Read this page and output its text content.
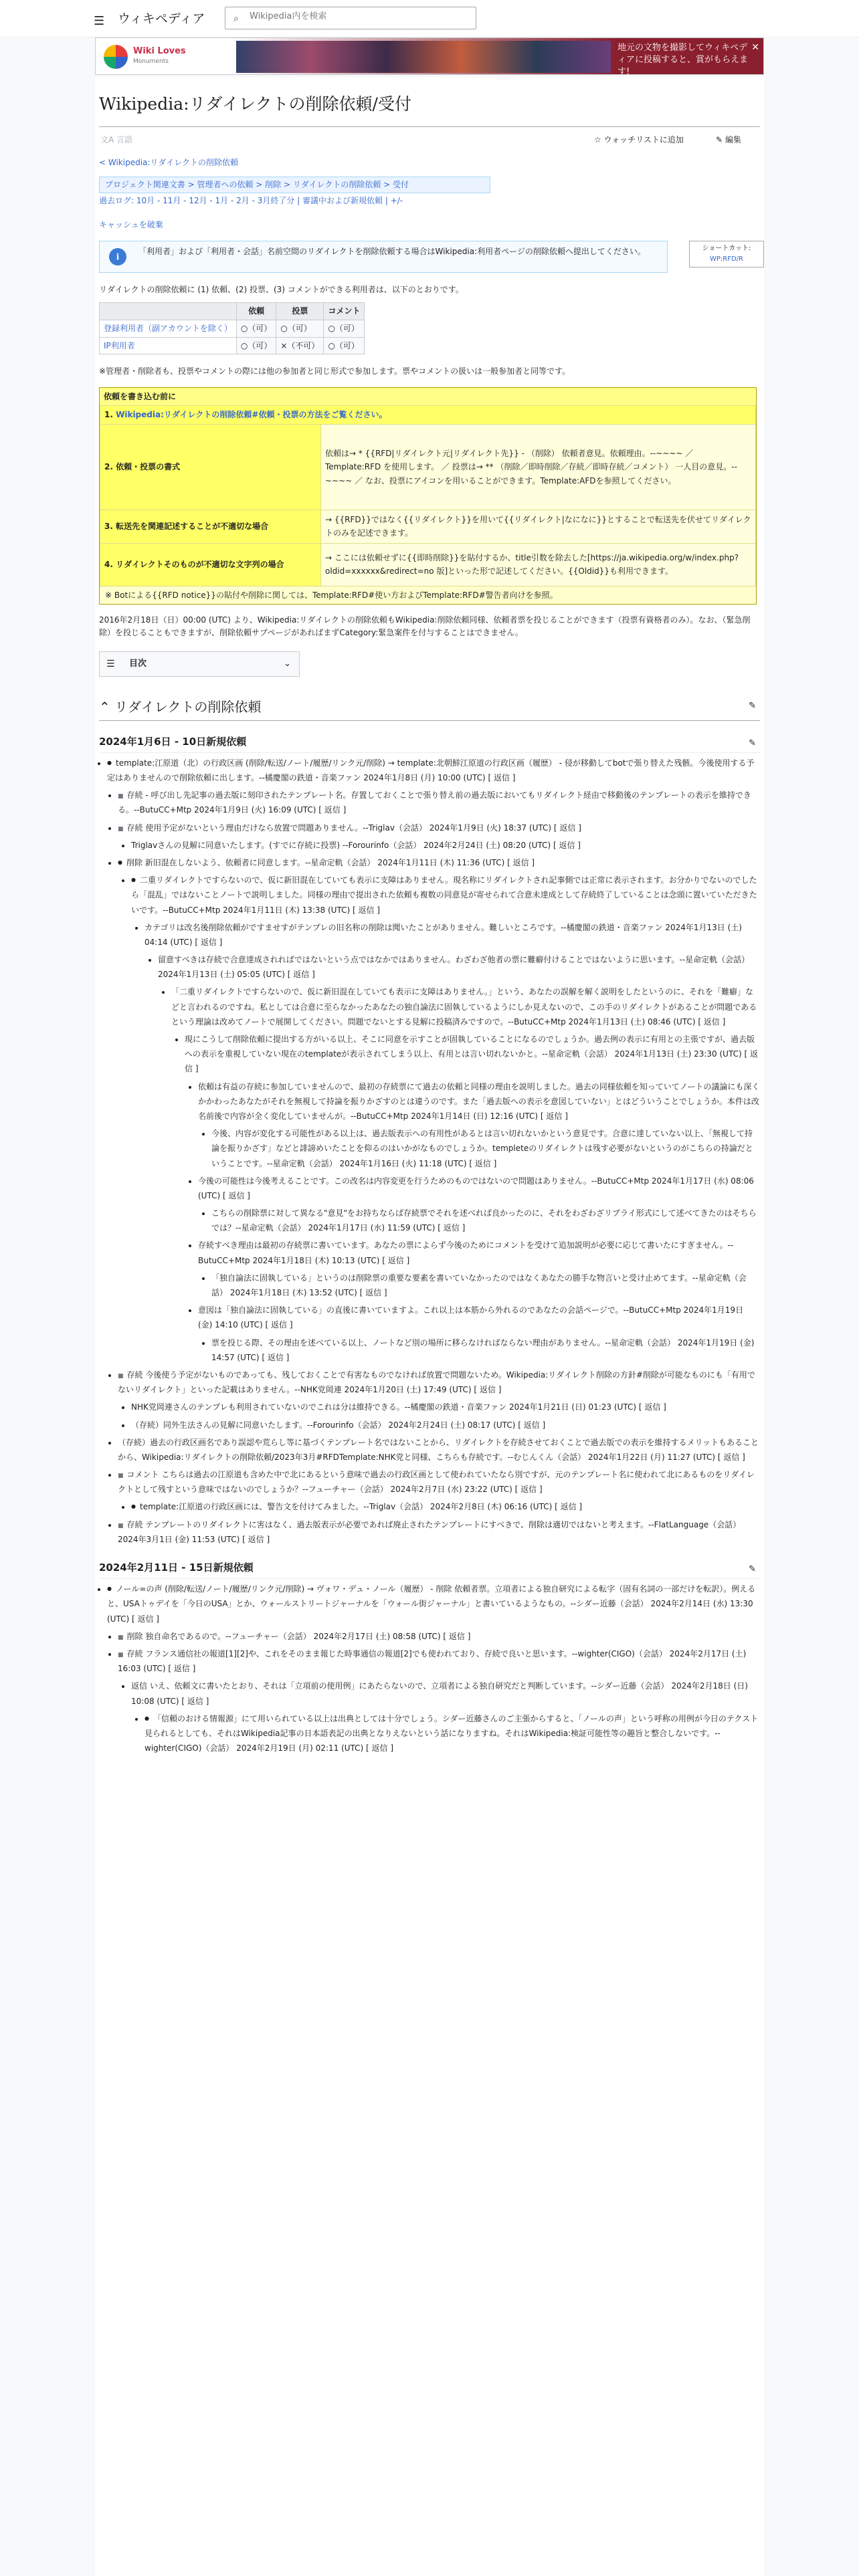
☰ ウィキペディア	⌕
Wikipedia内を検索
Wiki Loves
Monuments
地元の文物を撮影してウィキペディアに投稿すると、賞がもらえます!
✕
Wikipedia:リダイレクトの削除依頼/受付
文A 言語	☆ ウォッチリストに追加	✎ 編集
< Wikipedia:リダイレクトの削除依頼
プロジェクト関連文書 > 管理者への依頼 > 削除 > リダイレクトの削除依頼 > 受付
過去ログ: 10月 - 11月 - 12月 - 1月 - 2月 - 3月終了分 | 審議中および新規依頼 | +/-
キャッシュを破棄
i
「利用者」および「利用者・会話」名前空間のリダイレクトを削除依頼する場合はWikipedia:利用者ページの削除依頼へ提出してください。	ショートカット:
WP:RFD/R

リダイレクトの削除依頼に (1) 依頼、(2) 投票、(3) コメントができる利用者は、以下のとおりです。

	依頼	投票	コメント
登録利用者（副アカウントを除く）	○（可）	○（可）	○（可）
IP利用者	○（可）	×（不可）	○（可）

※管理者・削除者も、投票やコメントの際には他の参加者と同じ形式で参加します。票やコメントの扱いは一般参加者と同等です。

依頼を書き込む前に
1. Wikipedia:リダイレクトの削除依頼#依頼・投票の方法をご覧ください。	
2. 依頼・投票の書式	依頼は→ * {{RFD|リダイレクト元|リダイレクト先}} - （削除） 依頼者意見。依頼理由。--~~~~ ／ Template:RFD を使用します。 ／ 投票は→ ** （削除／即時削除／存続／即時存続／コメント） 一人目の意見。--~~~~ ／ なお、投票にアイコンを用いることができます。Template:AFDを参照してください。
3. 転送先を関連記述することが不適切な場合	→ {{RFD}}ではなく{{リダイレクト}}を用いて{{リダイレクト|なになに}}とすることで転送先を伏せてリダイレクトのみを記述できます。
4. リダイレクトそのものが不適切な文字列の場合	→ ここには依頼せずに{{即時削除}}を貼付するか、title引数を除去した[https://ja.wikipedia.org/w/index.php?oldid=xxxxxx&redirect=no 版]といった形で記述してください。{{Oldid}}も利用できます。
※ Botによる{{RFD notice}}の貼付や削除に関しては、Template:RFD#使い方およびTemplate:RFD#警告者向けを参照。

2016年2月18日（日）00:00 (UTC) より、Wikipedia:リダイレクトの削除依頼もWikipedia:削除依頼同様、依頼者票を投じることができます（投票有資格者のみ）。なお、（緊急削除）を投じることもできますが、削除依頼サブページがあればまずCategory:緊急案件を付与することはできません。

☰ 目次	⌄
⌃ リダイレクトの削除依頼	✎
2024年1月6日 - 10日新規依頼	✎
● • template:江原道（北）の行政区画 (削除/転送/ノート/履歴/リンク元/削除) → template:北朝鮮江原道の行政区画（履歴） - 侵が移動してbotで張り替えた残骸。今後使用する予定はありませんので削除依頼に出します。--橘慶閣の鉄道・音楽ファン 2024年1月8日 (月) 10:00 (UTC) [ 返信 ]
■ • 存続 - 呼び出し先記事の過去版に刻印されたテンプレート名。存置しておくことで張り替え前の過去版においてもリダイレクト経由で移動後のテンプレートの表示を維持できる。--ButuCC+Mtp 2024年1月9日 (火) 16:09 (UTC) [ 返信 ]
■ • 存続 使用予定がないという理由だけなら放置で問題ありません。--Triglav（会話） 2024年1月9日 (火) 18:37 (UTC) [ 返信 ]
• Triglavさんの見解に同意いたします。(すでに存続に投票) --Forourinfo（会話） 2024年2月24日 (土) 08:20 (UTC) [ 返信 ]
● • 削除 新旧混在しないよう、依頼者に同意します。--星命定軌（会話） 2024年1月11日 (木) 11:36 (UTC) [ 返信 ]
● • 二重リダイレクトですらないので、仮に新旧混在していても表示に支障はありません。現名称にリダイレクトされ記事側では正常に表示されます。お分かりでないのでしたら「混乱」ではないことノートで説明しました。同様の理由で提出された依頼も複数の同意見が寄せられて合意未達成として存続終了していることは念頭に置いていただきたいです。--ButuCC+Mtp 2024年1月11日 (木) 13:38 (UTC) [ 返信 ]
• カテゴリは改名後削除依頼がですませすがテンプレの旧名称の削除は聞いたことがありません。難しいところです。--橘慶閣の鉄道・音楽ファン 2024年1月13日 (土) 04:14 (UTC) [ 返信 ]
• 留意すべきは存続で合意達成されればではないという点ではなかではありません。わざわざ他者の票に難癖付けることではないように思います。--星命定軌（会話） 2024年1月13日 (土) 05:05 (UTC) [ 返信 ]
• 「二重リダイレクトですらないので、仮に新旧混在していても表示に支障はありません。」という、あなたの誤解を解く説明をしたというのに、それを「難癖」などと言われるのですね。私としては合意に至らなかったあなたの独自論法に固執しているようにしか見えないので、この手のリダイレクトがあることが問題であるという理論は改めてノートで展開してください。問題でないとする見解に投稿済みですので。--ButuCC+Mtp 2024年1月13日 (土) 08:46 (UTC) [ 返信 ]
• 現にこうして削除依頼に提出する方がいる以上、そこに同意を示すことが固執していることになるのでしょうか。過去例の表示に有用との主張ですが、過去版への表示を重視していない現在のtemplateが表示されてしまう以上、有用とは言い切れないかと。--星命定軌（会話） 2024年1月13日 (土) 23:30 (UTC) [ 返信 ]
• 依頼は有益の存続に参加していませんので、最初の存続票にて過去の依頼と同様の理由を説明しました。過去の同様依頼を知っていてノートの議論にも深くかかわったあなたがそれを無視して持論を振りかざすのとは違うのです。また「過去版への表示を意図していない」とはどういうことでしょうか。本件は改名前後で内容が全く変化していませんが。--ButuCC+Mtp 2024年1月14日 (日) 12:16 (UTC) [ 返信 ]
• 今後、内容が変化する可能性がある以上は、過去版表示への有用性があるとは言い切れないかという意見です。合意に達していない以上、「無視して持論を振りかざす」などと誹謗めいたことを仰るのはいかがなものでしょうか。templeteのリダイレクトは残す必要がないというのがこちらの持論だということです。--星命定軌（会話） 2024年1月16日 (火) 11:18 (UTC) [ 返信 ]
• 今後の可能性は今後考えることです。この改名は内容変更を行うためのものではないので問題はありません。--ButuCC+Mtp 2024年1月17日 (水) 08:06 (UTC) [ 返信 ]
• こちらの削除票に対して異なる"意見"をお持ちならば存続票でそれを述べれば良かったのに、それをわざわざリプライ形式にして述べてきたのはそちらでは？--星命定軌（会話） 2024年1月17日 (水) 11:59 (UTC) [ 返信 ]
• 存続すべき理由は最初の存続票に書いています。あなたの票によらず今後のためにコメントを受けて追加説明が必要に応じて書いたにすぎません。--ButuCC+Mtp 2024年1月18日 (木) 10:13 (UTC) [ 返信 ]
• 「独自論法に固執している」というのは削除票の重要な要素を書いていなかったのではなくあなたの勝手な物言いと受け止めてます。--星命定軌（会話） 2024年1月18日 (木) 13:52 (UTC) [ 返信 ]
• 意図は「独自論法に固執している」の直後に書いていますよ。これ以上は本筋から外れるのであなたの会話ページで。--ButuCC+Mtp 2024年1月19日 (金) 14:10 (UTC) [ 返信 ]
• 票を投じる際、その理由を述べている以上、ノートなど別の場所に移らなければならない理由がありません。--星命定軌（会話） 2024年1月19日 (金) 14:57 (UTC) [ 返信 ]
■ • 存続 今後使う予定がないものであっても、残しておくことで有害なものでなければ放置で問題ないため。Wikipedia:リダイレクト削除の方針#削除が可能なものにも「有用でないリダイレクト」といった記載はありません。--NHK党岡連 2024年1月20日 (土) 17:49 (UTC) [ 返信 ]
• NHK党岡連さんのテンプレも利用されていないのでこれは分は維持できる。--橘慶閣の鉄道・音楽ファン 2024年1月21日 (日) 01:23 (UTC) [ 返信 ]
• （存続）同外生法さんの見解に同意いたします。--Forourinfo（会話） 2024年2月24日 (土) 08:17 (UTC) [ 返信 ]
• （存続）過去の行政区画名であり誤認や荒らし等に基づくテンプレート名ではないことから、リダイレクトを存続させておくことで過去版での表示を維持するメリットもあることから、Wikipedia:リダイレクトの削除依頼/2023年3月#RFDTemplate:NHK党と同様、こちらも存続です。--むじんくん（会話） 2024年1月22日 (月) 11:27 (UTC) [ 返信 ]
■ • コメント こちらは過去の江原道も含めた中で北にあるという意味で過去の行政区画として使われていたなら別ですが、元のテンプレート名に使われて北にあるものをリダイレクトとして残すという意味ではないのでしょうか？--フューチャー（会話） 2024年2月7日 (水) 23:22 (UTC) [ 返信 ]
● • template:江原道の行政区画には、警告文を付けてみました。--Triglav（会話） 2024年2月8日 (木) 06:16 (UTC) [ 返信 ]
■ • 存続 テンプレートのリダイレクトに害はなく、過去版表示が必要であれば廃止されたテンプレートにすべきで、削除は適切ではないと考えます。--FlatLanguage（会話） 2024年3月1日 (金) 11:53 (UTC) [ 返信 ]
2024年2月11日 - 15日新規依頼	✎
● • ノール=の声 (削除/転送/ノート/履歴/リンク元/削除) → ヴォワ・デュ・ノール（履歴） - 削除 依頼者票。立項者による独自研究による転字（固有名詞の一部だけを転訳）。例えると、USAトゥデイを「今日のUSA」とか、ウォールストリートジャーナルを「ウォール街ジャーナル」と書いているようなもの。--シダー近藤（会話） 2024年2月14日 (水) 13:30 (UTC) [ 返信 ]
■ • 削除 独自命名であるので。--フューチャー（会話） 2024年2月17日 (土) 08:58 (UTC) [ 返信 ]
■ • 存続 フランス通信社の報道[1][2]や、これをそのまま報じた時事通信の報道[2]でも使われており、存続で良いと思います。--wighter(CIGO)（会話） 2024年2月17日 (土) 16:03 (UTC) [ 返信 ]
• 返信 いえ、依頼文に書いたとおり、それは「立項前の使用例」にあたらないので、立項者による独自研究だと判断しています。--シダー近藤（会話） 2024年2月18日 (日) 10:08 (UTC) [ 返信 ]
● • 「信頼のおける情報源」にて用いられている以上は出典としては十分でしょう。シダー近藤さんのご主張からすると、「ノールの声」という呼称の用例が今日のテクスト見られるとしても、それはWikipedia記事の日本語表記の出典となりえないという話になりますね。それはWikipedia:検証可能性等の趣旨と整合しないです。--wighter(CIGO)（会話） 2024年2月19日 (月) 02:11 (UTC) [ 返信 ]
